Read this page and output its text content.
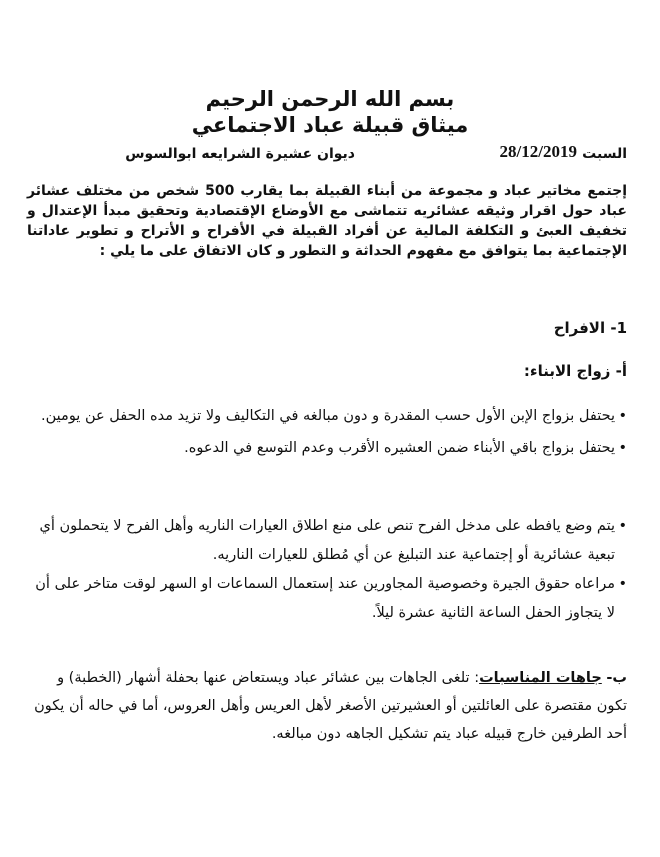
بسم الله الرحمن الرحيم
ميثاق قبيلة عباد الاجتماعي
السبت
28/12/2019
ديوان عشيرة الشرايعه ابوالسوس

إجتمع مخاتير عباد و مجموعة من أبناء القبيلة بما يقارب 500 شخص من مختلف عشائر عباد حول اقرار وثيقه عشائريه تتماشى مع الأوضاع الإقتصادية وتحقيق مبدأ الإعتدال و تخفيف العبئ و التكلفة المالية عن أفراد القبيلة في الأفراح و الأتراح و تطوير عاداتنا الإجتماعية بما يتوافق مع مفهوم الحداثة و التطور و كان الاتفاق على ما يلي :

1- الافراح
أ- زواج الابناء:
• يحتفل بزواج الإبن الأول حسب المقدرة و دون مبالغه في التكاليف ولا تزيد مده الحفل عن يومين.
• يحتفل بزواج باقي الأبناء ضمن العشيره الأقرب وعدم التوسع في الدعوه.
• يتم وضع يافطه على مدخل الفرح تنص على منع اطلاق العيارات الناريه وأهل الفرح لا يتحملون أي تبعية عشائرية أو إجتماعية عند التبليغ عن أي مُطلق للعيارات الناريه.
• مراعاه حقوق الجيرة وخصوصية المجاورين عند إستعمال السماعات او السهر لوقت متاخر على أن لا يتجاوز الحفل الساعة الثانية عشرة ليلاً.

ب- جاهات المناسبات: تلغى الجاهات بين عشائر عباد ويستعاض عنها بحفلة أشهار (الخطبة) و تكون مقتصرة على العائلتين أو العشيرتين الأصغر لأهل العريس وأهل العروس، أما في حاله أن يكون أحد الطرفين خارج قبيله عباد يتم تشكيل الجاهه دون مبالغه.
